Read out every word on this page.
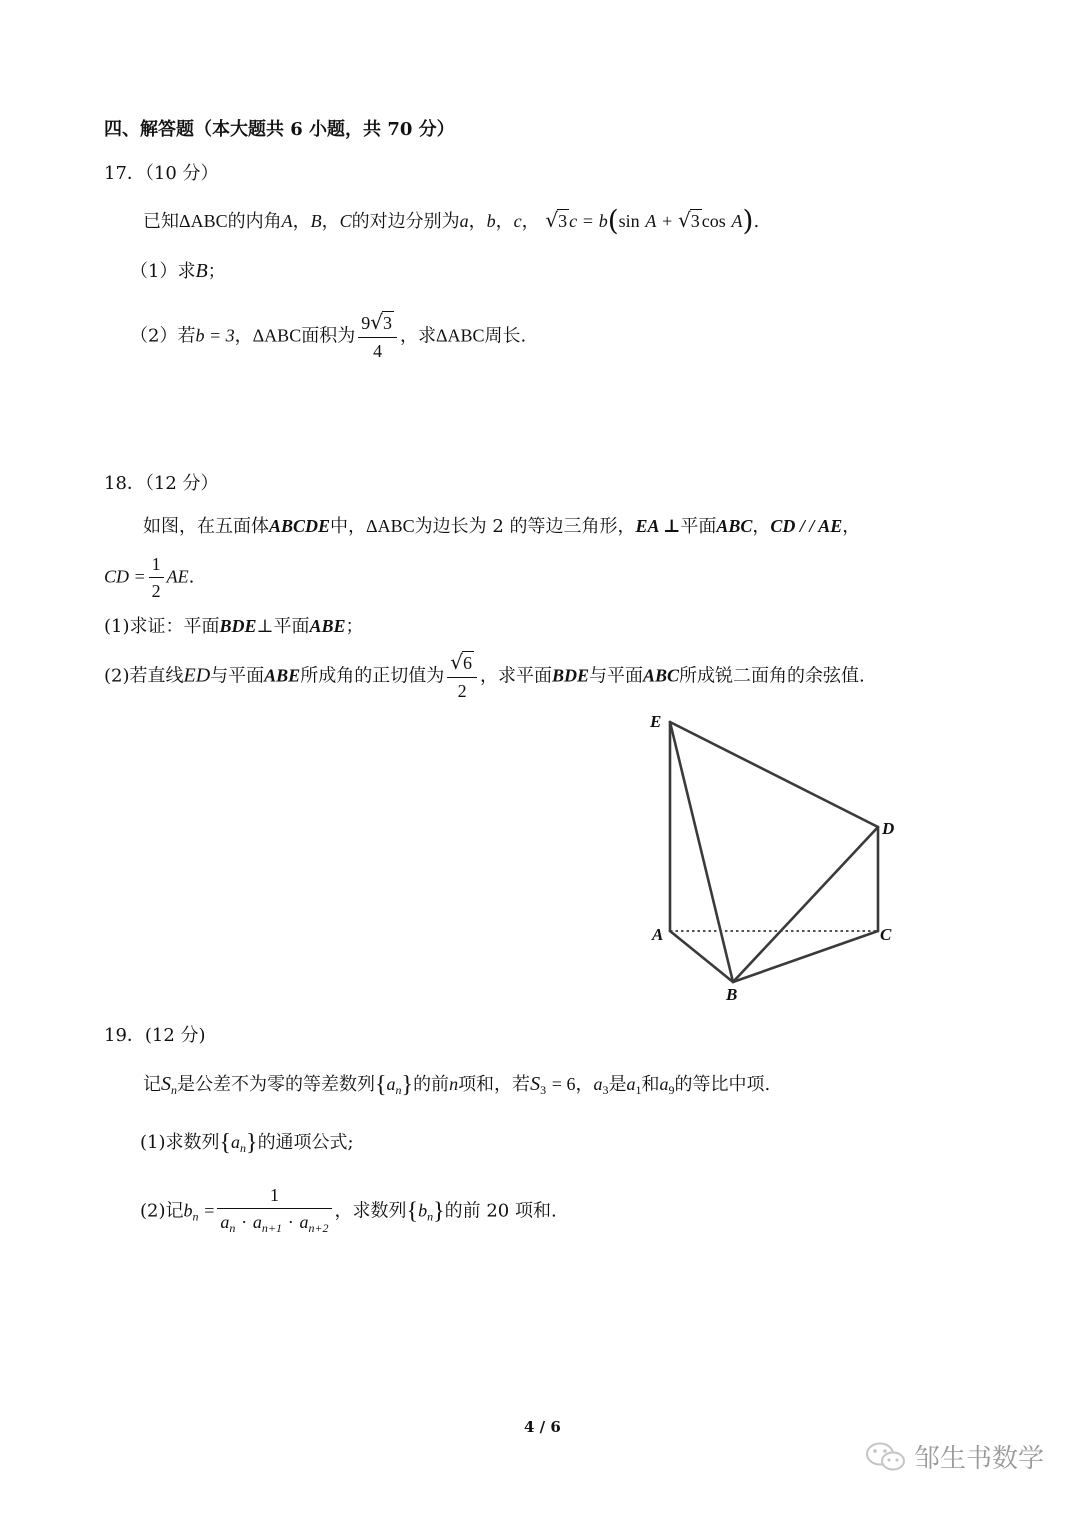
四、解答题（本大题共 6 小题，共 70 分）
17．（10 分）
已知ΔABC的内角A，B，C的对边分别为a，b，c， √3 c = b(sin A + √3 cos A).
（1）求B；
（2）若b = 3，ΔABC面积为 $\frac{9√3}{4}$ ，求ΔABC周长.
18．（12 分）
如图，在五面体ABCDE中，ΔABC为边长为 2 的等边三角形，EA ⊥平面ABC，CD / / AE，
CD = $\frac{1}{2}$ AE.
(1)求证：平面BDE⊥平面ABE；
(2)若直线ED与平面ABE所成角的正切值为 $\frac{√6}{2}$ ，求平面BDE与平面ABC所成锐二面角的余弦值.
E
D
A	C
B
19．(12 分)
记$S_n$是公差不为零的等差数列$\{a_n\}$的前n项和，若$S_3 = 6$，$a_3$是$a_1$和$a_9$的等比中项.
(1)求数列$\{a_n\}$的通项公式;
(2)记$b_n = \frac{1}{a_n \cdot a_{n+1} \cdot a_{n+2}}$ ，求数列$\{b_n\}$的前 20 项和.
4 / 6
邹生书数学
